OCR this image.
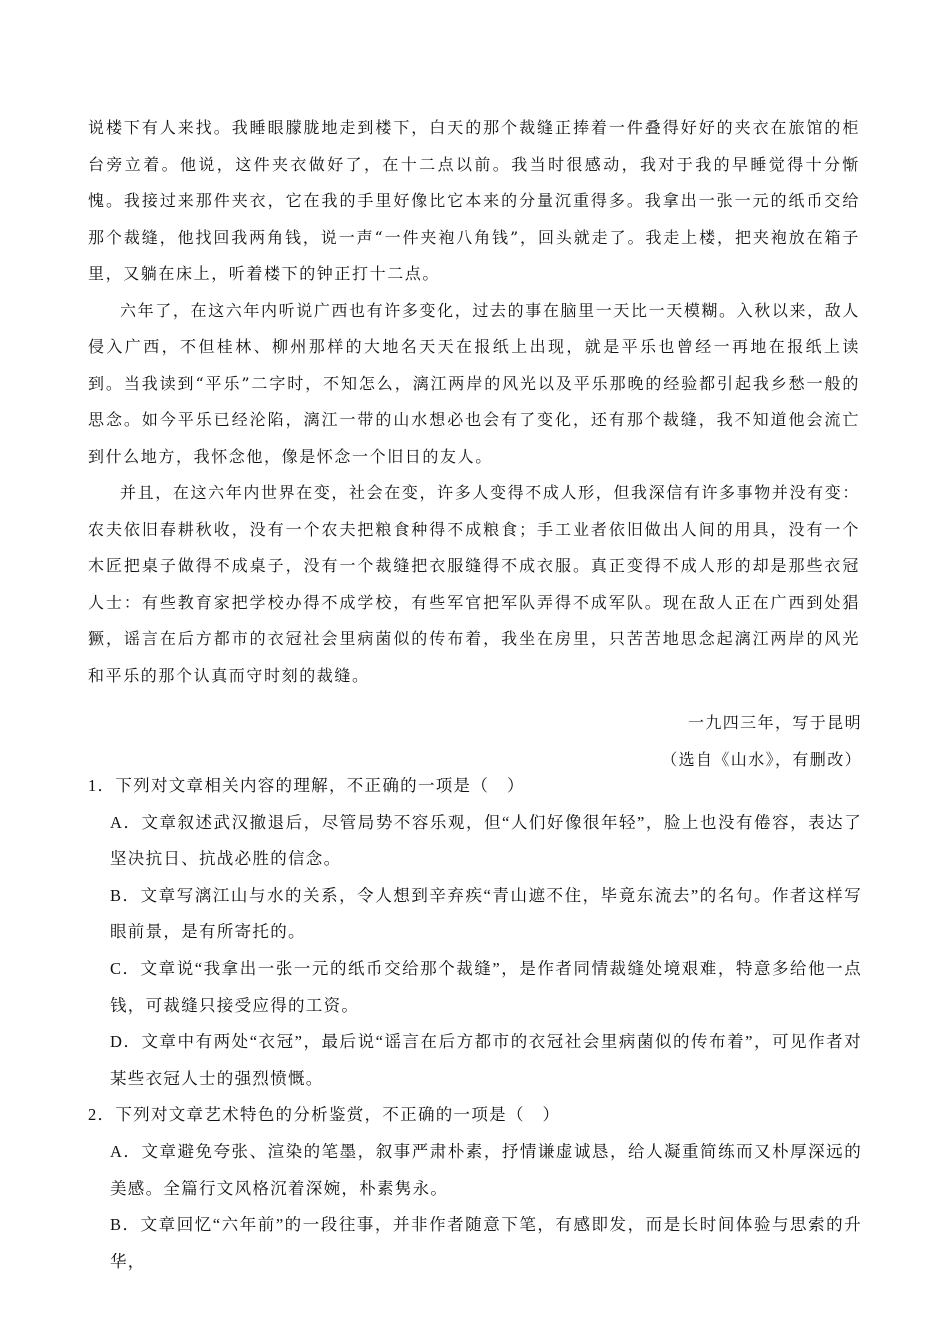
说楼下有人来找。我睡眼朦胧地走到楼下，白天的那个裁缝正捧着一件叠得好好的夹衣在旅馆的柜台旁立着。他说，这件夹衣做好了，在十二点以前。我当时很感动，我对于我的早睡觉得十分惭愧。我接过来那件夹衣，它在我的手里好像比它本来的分量沉重得多。我拿出一张一元的纸币交给那个裁缝，他找回我两角钱，说一声“一件夹袍八角钱”，回头就走了。我走上楼，把夹袍放在箱子里，又躺在床上，听着楼下的钟正打十二点。

六年了，在这六年内听说广西也有许多变化，过去的事在脑里一天比一天模糊。入秋以来，敌人侵入广西，不但桂林、柳州那样的大地名天天在报纸上出现，就是平乐也曾经一再地在报纸上读到。当我读到“平乐”二字时，不知怎么，漓江两岸的风光以及平乐那晚的经验都引起我乡愁一般的思念。如今平乐已经沦陷，漓江一带的山水想必也会有了变化，还有那个裁缝，我不知道他会流亡到什么地方，我怀念他，像是怀念一个旧日的友人。

并且，在这六年内世界在变，社会在变，许多人变得不成人形，但我深信有许多事物并没有变：农夫依旧春耕秋收，没有一个农夫把粮食种得不成粮食；手工业者依旧做出人间的用具，没有一个木匠把桌子做得不成桌子，没有一个裁缝把衣服缝得不成衣服。真正变得不成人形的却是那些衣冠人士：有些教育家把学校办得不成学校，有些军官把军队弄得不成军队。现在敌人正在广西到处猖獗，谣言在后方都市的衣冠社会里病菌似的传布着，我坐在房里，只苦苦地思念起漓江两岸的风光和平乐的那个认真而守时刻的裁缝。

一九四三年，写于昆明
（选自《山水》，有删改）

1．下列对文章相关内容的理解，不正确的一项是（　）

A．文章叙述武汉撤退后，尽管局势不容乐观，但“人们好像很年轻”，脸上也没有倦容，表达了坚决抗日、抗战必胜的信念。

B．文章写漓江山与水的关系，令人想到辛弃疾“青山遮不住，毕竟东流去”的名句。作者这样写眼前景，是有所寄托的。

C．文章说“我拿出一张一元的纸币交给那个裁缝”，是作者同情裁缝处境艰难，特意多给他一点钱，可裁缝只接受应得的工资。

D．文章中有两处“衣冠”，最后说“谣言在后方都市的衣冠社会里病菌似的传布着”，可见作者对某些衣冠人士的强烈愤慨。

2．下列对文章艺术特色的分析鉴赏，不正确的一项是（　）

A．文章避免夸张、渲染的笔墨，叙事严肃朴素，抒情谦虚诚恳，给人凝重简练而又朴厚深远的美感。全篇行文风格沉着深婉，朴素隽永。

B．文章回忆“六年前”的一段往事，并非作者随意下笔，有感即发，而是长时间体验与思索的升华，
